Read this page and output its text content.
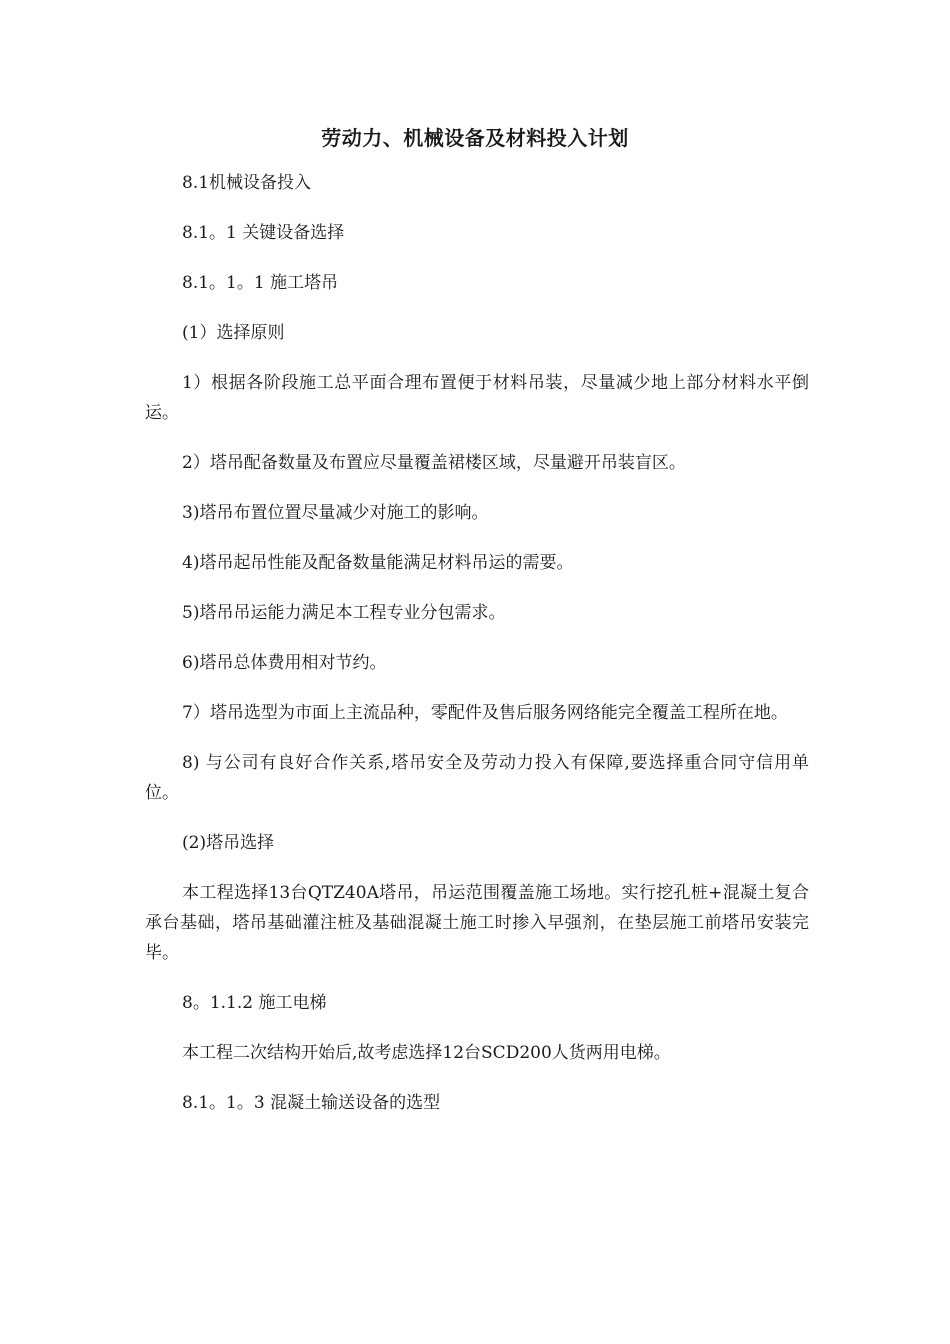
劳动力、机械设备及材料投入计划

8.1机械设备投入

8.1。1 关键设备选择

8.1。1。1 施工塔吊

(1）选择原则

1）根据各阶段施工总平面合理布置便于材料吊装，尽量减少地上部分材料水平倒运。

2）塔吊配备数量及布置应尽量覆盖裙楼区域，尽量避开吊装盲区。

3)塔吊布置位置尽量减少对施工的影响。

4)塔吊起吊性能及配备数量能满足材料吊运的需要。

5)塔吊吊运能力满足本工程专业分包需求。

6)塔吊总体费用相对节约。

7）塔吊选型为市面上主流品种，零配件及售后服务网络能完全覆盖工程所在地。

8) 与公司有良好合作关系,塔吊安全及劳动力投入有保障,要选择重合同守信用单位。

(2)塔吊选择

本工程选择13台QTZ40A塔吊，吊运范围覆盖施工场地。实行挖孔桩+混凝土复合承台基础，塔吊基础灌注桩及基础混凝土施工时掺入早强剂，在垫层施工前塔吊安装完毕。

8。1.1.2 施工电梯

本工程二次结构开始后,故考虑选择12台SCD200人货两用电梯。

8.1。1。3 混凝土输送设备的选型
